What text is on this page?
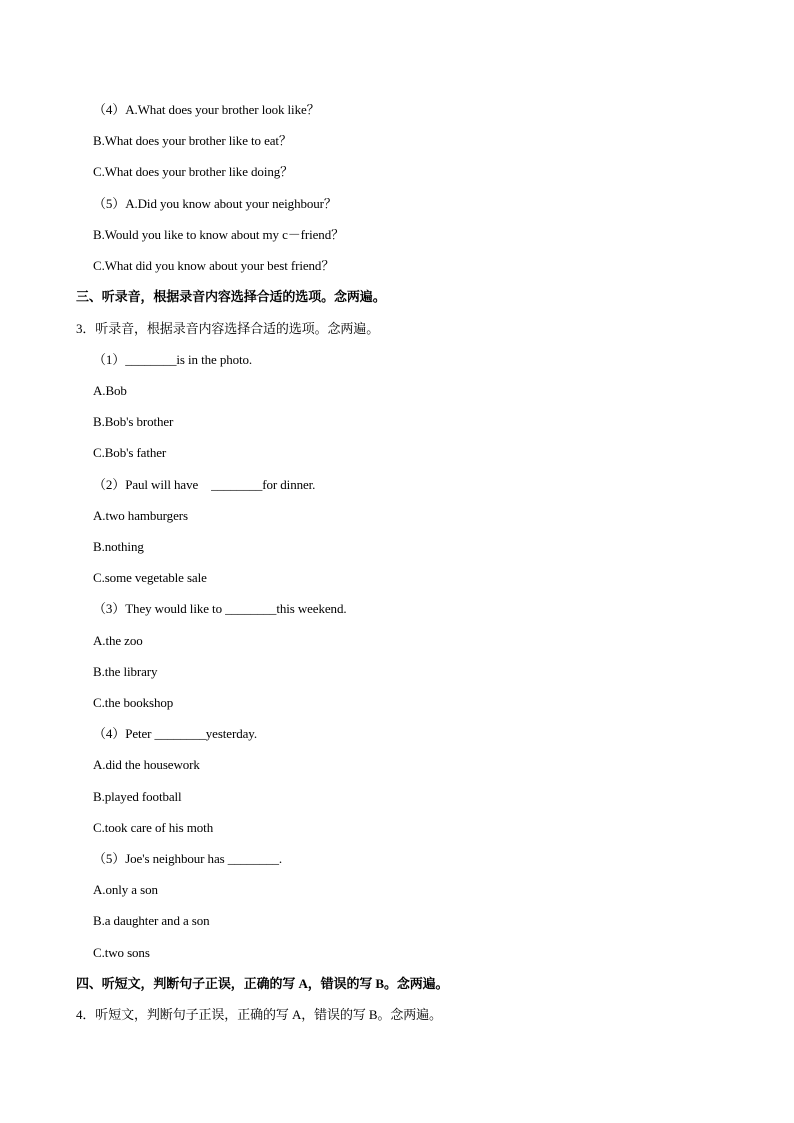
（4）A.What does your brother look like？
B.What does your brother like to eat？
C.What does your brother like doing？
（5）A.Did you know about your neighbour？
B.Would you like to know about my c－friend？
C.What did you know about your best friend？
三、听录音，根据录音内容选择合适的选项。念两遍。
3．听录音，根据录音内容选择合适的选项。念两遍。
（1）________is in the photo.
A.Bob
B.Bob's brother
C.Bob's father
（2）Paul will have　________for dinner.
A.two hamburgers
B.nothing
C.some vegetable sale
（3）They would like to ________this weekend.
A.the zoo
B.the library
C.the bookshop
（4）Peter ________yesterday.
A.did the housework
B.played football
C.took care of his moth
（5）Joe's neighbour has ________.
A.only a son
B.a daughter and a son
C.two sons
四、听短文，判断句子正误，正确的写 A，错误的写 B。念两遍。
4．听短文，判断句子正误，正确的写 A，错误的写 B。念两遍。
